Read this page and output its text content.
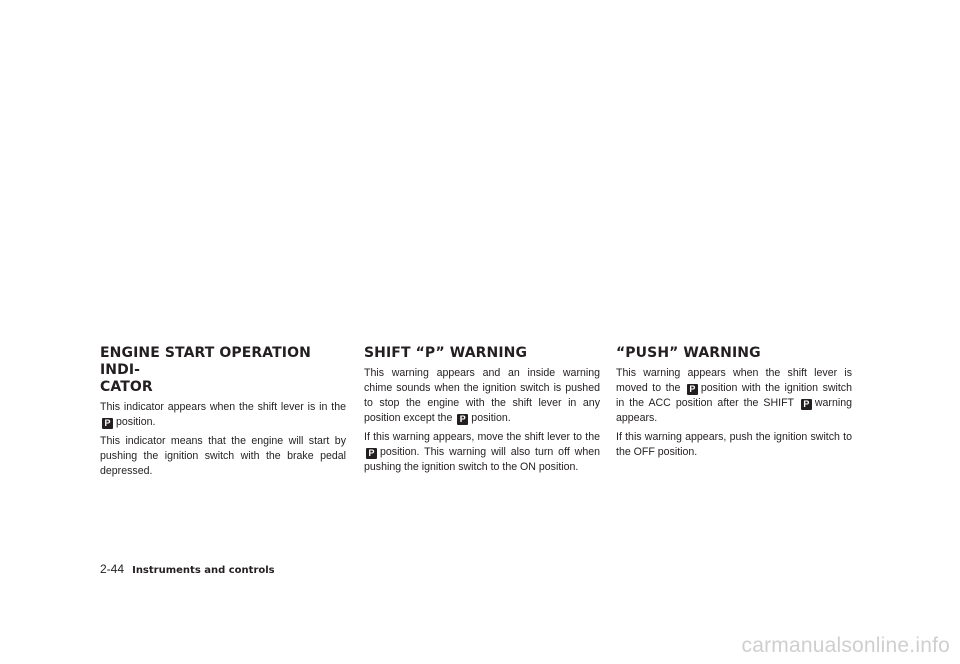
ENGINE START OPERATION INDI-
CATOR

This indicator appears when the shift lever is in the P position.

This indicator means that the engine will start by pushing the ignition switch with the brake pedal depressed.

SHIFT “P” WARNING

This warning appears and an inside warning chime sounds when the ignition switch is pushed to stop the engine with the shift lever in any position except the P position.

If this warning appears, move the shift lever to the P position. This warning will also turn off when pushing the ignition switch to the ON position.

“PUSH” WARNING

This warning appears when the shift lever is moved to the P position with the ignition switch in the ACC position after the SHIFT P warning appears.

If this warning appears, push the ignition switch to the OFF position.

2-44 Instruments and controls
carmanualsonline.info
